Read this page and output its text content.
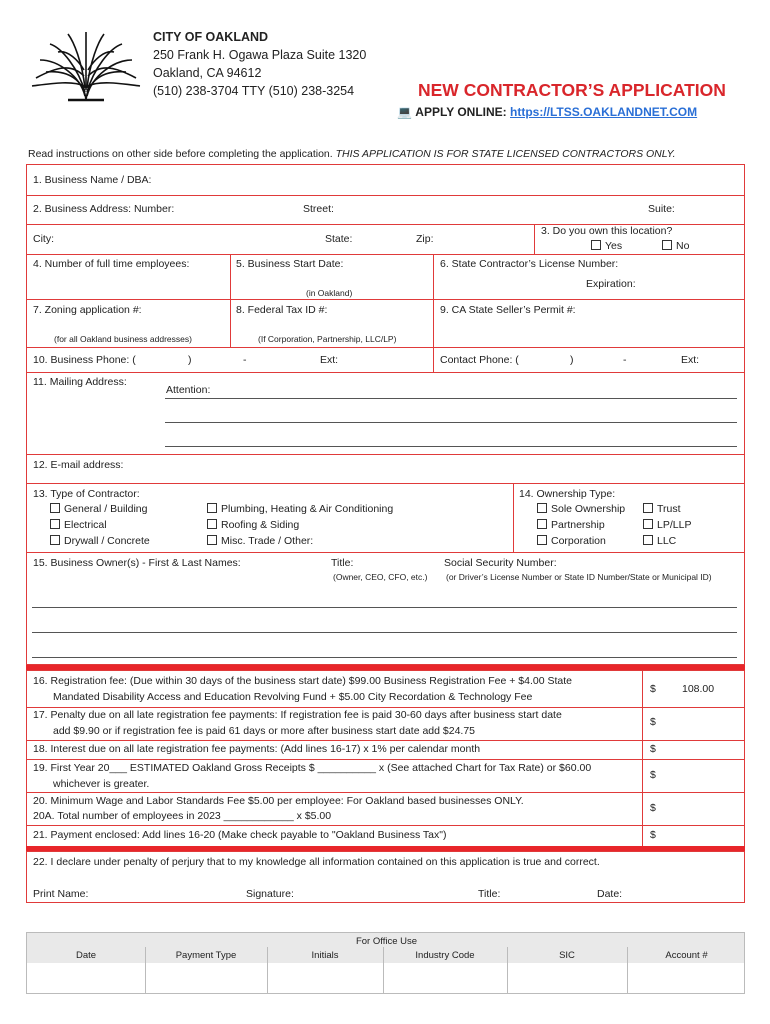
CITY OF OAKLAND
250 Frank H. Ogawa Plaza Suite 1320
Oakland, CA 94612
(510) 238-3704 TTY (510) 238-3254	NEW CONTRACTOR’S APPLICATION
💻 APPLY ONLINE: https://LTSS.OAKLANDNET.COM
Read instructions on other side before completing the application. THIS APPLICATION IS FOR STATE LICENSED CONTRACTORS ONLY.
1. Business Name / DBA:
2. Business Address: Number:	Street:	Suite:
City:	State:	Zip:
3. Do you own this location?
Yes	No
4. Number of full time employees:	5. Business Start Date:
(in Oakland)
6. State Contractor’s License Number:
Expiration:
7. Zoning application #:
(for all Oakland business addresses)
8. Federal Tax ID #:
(If Corporation, Partnership, LLC/LP)
9. CA State Seller’s Permit #:
10. Business Phone: (	)	-	Ext:	Contact Phone: (	)	-	Ext:
11. Mailing Address:
Attention:
12. E-mail address:
13. Type of Contractor:
General / Building
Electrical
Drywall / Concrete
Plumbing, Heating & Air Conditioning
Roofing & Siding
Misc. Trade / Other:
14. Ownership Type:
Sole Ownership
Partnership
Corporation
Trust
LP/LLP
LLC
15. Business Owner(s) - First & Last Names:	Title:
(Owner, CEO, CFO, etc.)
Social Security Number:
(or Driver’s License Number or State ID Number/State or Municipal ID)
16. Registration fee: (Due within 30 days of the business start date) $99.00 Business Registration Fee + $4.00 State
Mandated Disability Access and Education Revolving Fund + $5.00 City Recordation & Technology Fee
$ 108.00
17. Penalty due on all late registration fee payments: If registration fee is paid 30-60 days after business start date
add $9.90 or if registration fee is paid 61 days or more after business start date add $24.75
$
18. Interest due on all late registration fee payments: (Add lines 16-17) x 1% per calendar month	$
19. First Year 20___ ESTIMATED Oakland Gross Receipts $ __________ x (See attached Chart for Tax Rate) or $60.00
whichever is greater.
$
20. Minimum Wage and Labor Standards Fee $5.00 per employee: For Oakland based businesses ONLY.
20A. Total number of employees in 2023 ____________ x $5.00
$
21. Payment enclosed: Add lines 16-20 (Make check payable to "Oakland Business Tax")	$
22. I declare under penalty of perjury that to my knowledge all information contained on this application is true and correct.
Print Name:	Signature:	Title:	Date:
For Office Use
Date	Payment Type	Initials	Industry Code	SIC	Account #
